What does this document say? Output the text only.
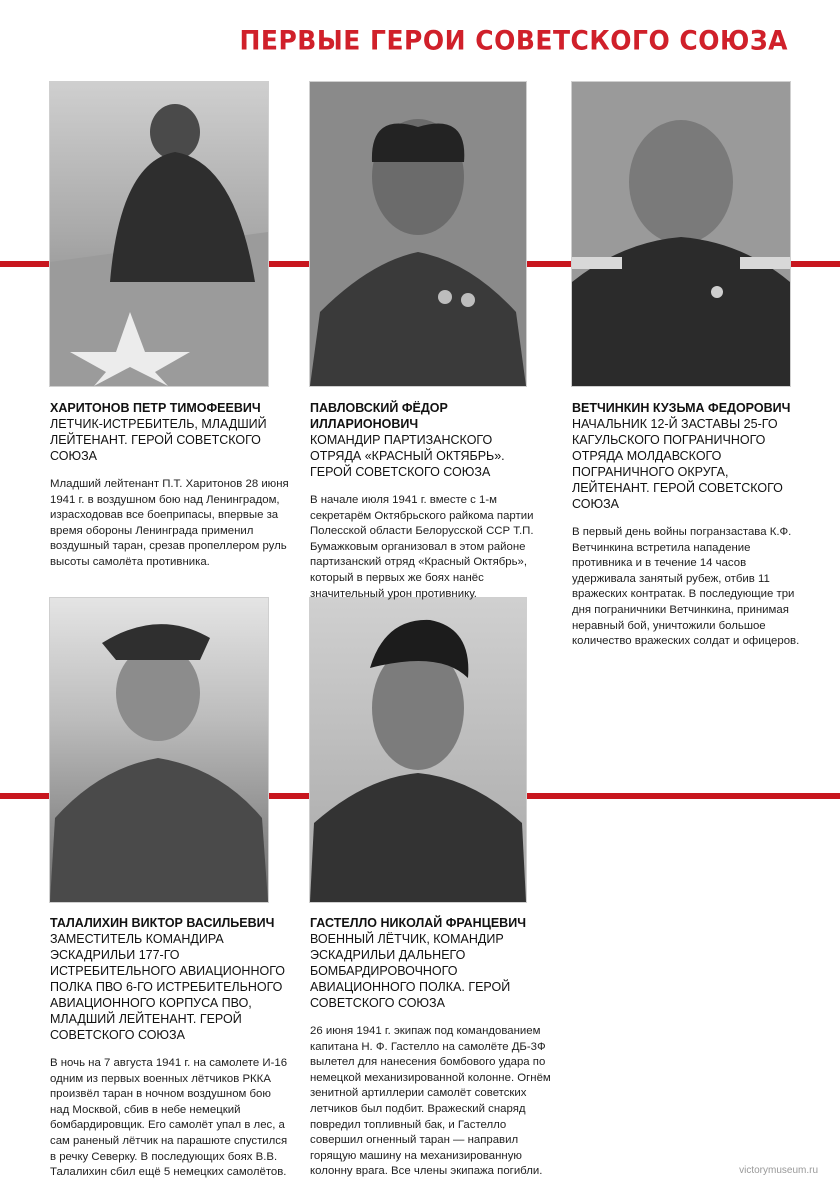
ПЕРВЫЕ ГЕРОИ СОВЕТСКОГО СОЮЗА
ХАРИТОНОВ ПЕТР ТИМОФЕЕВИЧ
ЛЕТЧИК-ИСТРЕБИТЕЛЬ, МЛАДШИЙ ЛЕЙТЕНАНТ. ГЕРОЙ СОВЕТСКОГО СОЮЗА
Младший лейтенант П.Т. Харитонов 28 июня 1941 г. в воздушном бою над Ленинградом, израсходовав все боеприпасы, впервые за время обороны Ленинграда применил воздушный таран, срезав пропеллером руль высоты самолёта противника.
ПАВЛОВСКИЙ ФЁДОР ИЛЛАРИОНОВИЧ
КОМАНДИР ПАРТИЗАНСКОГО ОТРЯДА «КРАСНЫЙ ОКТЯБРЬ». ГЕРОЙ СОВЕТСКОГО СОЮЗА
В начале июля 1941 г. вместе с 1-м секретарём Октябрьского райкома партии Полесской области Белорусской ССР Т.П. Бумажковым организовал в этом районе партизанский отряд «Красный Октябрь», который в первых же боях нанёс значительный урон противнику.
ВЕТЧИНКИН КУЗЬМА ФЕДОРОВИЧ
НАЧАЛЬНИК 12-Й ЗАСТАВЫ 25-ГО КАГУЛЬСКОГО ПОГРАНИЧНОГО ОТРЯДА МОЛДАВСКОГО ПОГРАНИЧНОГО ОКРУГА, ЛЕЙТЕНАНТ. ГЕРОЙ СОВЕТСКОГО СОЮЗА
В первый день войны погранзастава К.Ф. Ветчинкина встретила нападение противника и в течение 14 часов удерживала занятый рубеж, отбив 11 вражеских контратак. В последующие три дня пограничники Ветчинкина, принимая неравный бой, уничтожили большое количество вражеских солдат и офицеров.
ТАЛАЛИХИН ВИКТОР ВАСИЛЬЕВИЧ
ЗАМЕСТИТЕЛЬ КОМАНДИРА ЭСКАДРИЛЬИ 177-ГО ИСТРЕБИТЕЛЬНОГО АВИАЦИОННОГО ПОЛКА ПВО 6-ГО ИСТРЕБИТЕЛЬНОГО АВИАЦИОННОГО КОРПУСА ПВО, МЛАДШИЙ ЛЕЙТЕНАНТ. ГЕРОЙ СОВЕТСКОГО СОЮЗА
В ночь на 7 августа 1941 г. на самолете И-16 одним из первых военных лётчиков РККА произвёл таран в ночном воздушном бою над Москвой, сбив в небе немецкий бомбардировщик. Его самолёт упал в лес, а сам раненый лётчик на парашюте спустился в речку Северку. В последующих боях В.В. Талалихин сбил ещё 5 немецких самолётов.
ГАСТЕЛЛО НИКОЛАЙ ФРАНЦЕВИЧ
ВОЕННЫЙ ЛЁТЧИК, КОМАНДИР ЭСКАДРИЛЬИ ДАЛЬНЕГО БОМБАРДИРОВОЧНОГО АВИАЦИОННОГО ПОЛКА. ГЕРОЙ СОВЕТСКОГО СОЮЗА
26 июня 1941 г. экипаж под командованием капитана Н. Ф. Гастелло на самолёте ДБ-3Ф вылетел для нанесения бомбового удара по немецкой механизированной колонне. Огнём зенитной артиллерии самолёт советских летчиков был подбит. Вражеский снаряд повредил топливный бак, и Гастелло совершил огненный таран — направил горящую машину на механизированную колонну врага. Все члены экипажа погибли.	victorymuseum.ru
